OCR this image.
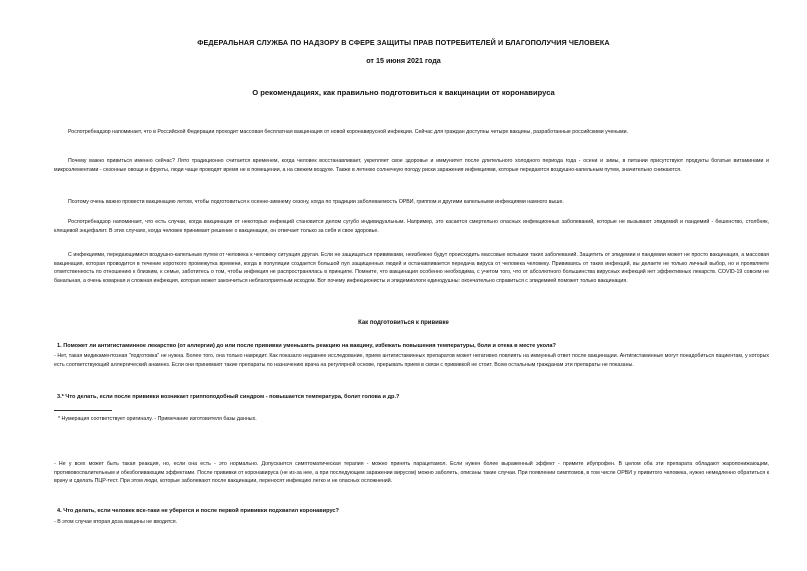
ФЕДЕРАЛЬНАЯ СЛУЖБА ПО НАДЗОРУ В СФЕРЕ ЗАЩИТЫ ПРАВ ПОТРЕБИТЕЛЕЙ И БЛАГОПОЛУЧИЯ ЧЕЛОВЕКА
от 15 июня 2021 года
О рекомендациях, как правильно подготовиться к вакцинации от коронавируса

Роспотребнадзор напоминает, что в Российской Федерации проходит массовая бесплатная вакцинация от новой коронавирусной инфекции. Сейчас для граждан доступны четыре вакцины, разработанные российскими учеными.

Почему важно привиться именно сейчас? Лято традиционно считается временем, когда человек восстанавливает, укрепляет свое здоровье и иммунитет после длительного холодного периода года - осени и зимы, в питании присутствуют продукты богатые витаминами и микроэлементами - сезонные овощи и фрукты, люди чаще проводят время не в помещении, а на свежем воздухе. Также в летнюю солнечную погоду риски заражения инфекциями, которые передаются воздушно-капельным путем, значительно снижаются.

Поэтому очень важно провести вакцинацию летом, чтобы подготовиться к осенне-зимнему сезону, когда по традиции заболеваемость ОРВИ, гриппом и другими капельными инфекциями намного выше.

Роспотребнадзор напоминает, что есть случаи, когда вакцинация от некоторых инфекций становится делом сугубо индивидуальным. Например, это касается смертельно опасных инфекционных заболеваний, которые не вызывают эпидемий и пандемий - бешенство, столбняк, клещевой энцефалит. В этих случаях, когда человек принимает решение о вакцинации, он отвечает только за себя и свое здоровье.

С инфекциями, передающимися воздушно-капельным путем от человека к человеку ситуация другая. Если не защищаться прививками, неизбежно будут происходить массовые вспышки таких заболеваний. Защитить от эпидемии и пандемии может не просто вакцинация, а массовая вакцинация, которая проводится в течение короткого промежутка времени, когда в популяции создается большой пул защищенных людей и останавливается передача вируса от человека человеку. Прививаясь от таких инфекций, вы делаете не только личный выбор, но и проявляете ответственность по отношению к близким, к семье, заботитесь о том, чтобы инфекция не распространялась в принципе. Помните, что вакцинация особенно необходима, с учетом того, что от абсолютного большинства вирусных инфекций нет эффективных лекарств. COVID-19 совсем не банальная, а очень коварная и сложная инфекция, которая может закончиться неблагоприятным исходом. Вот почему инфекционисты и эпидемиологи единодушны: окончательно справиться с эпидемией поможет только вакцинация.

Как подготовиться к прививке
1. Поможет ли антигистаминное лекарство (от аллергии) до или после прививки уменьшить реакцию на вакцину, избежать повышения температуры, боли и отека в месте укола?

- Нет, такая медикаментозная "подготовка" не нужна. Более того, она только навредит. Как показало недавнее исследование, прием антигистаминных препаратов может негативно повлиять на иммунный ответ после вакцинации. Антигистаминные могут понадобиться пациентам, у которых есть соответствующий аллергический анамнез. Если они принимают такие препараты по назначению врача на регулярной основе, прерывать прием в связи с прививкой не стоит. Всем остальным гражданам эти препараты не показаны.

3.* Что делать, если после прививки возникает гриппоподобный синдром - повышается температура, болит голова и др.?
* Нумерация соответствует оригиналу. - Примечание изготовителя базы данных.

- Не у всех может быть такая реакция, но, если она есть - это нормально. Допускается симптоматическая терапия - можно принять парацетамол. Если нужен более выраженный эффект - примите ибупрофен. В целом оба эти препарата обладают жаропонижающим, противовоспалительным и обезболивающим эффектами. После прививки от коронавируса (не из-за нее, а при последующем заражении вирусом) можно заболеть, описаны такие случаи. При появлении симптомов, в том числе ОРВИ у привитого человека, нужно немедленно обратиться к врачу и сделать ПЦР-тест. При этом люди, которые заболевают после вакцинации, переносят инфекцию легко и не опасных осложнений.

4. Что делать, если человек все-таки не уберегся и после первой прививки подхватил коронавирус?

- В этом случае вторая доза вакцины не вводится.
